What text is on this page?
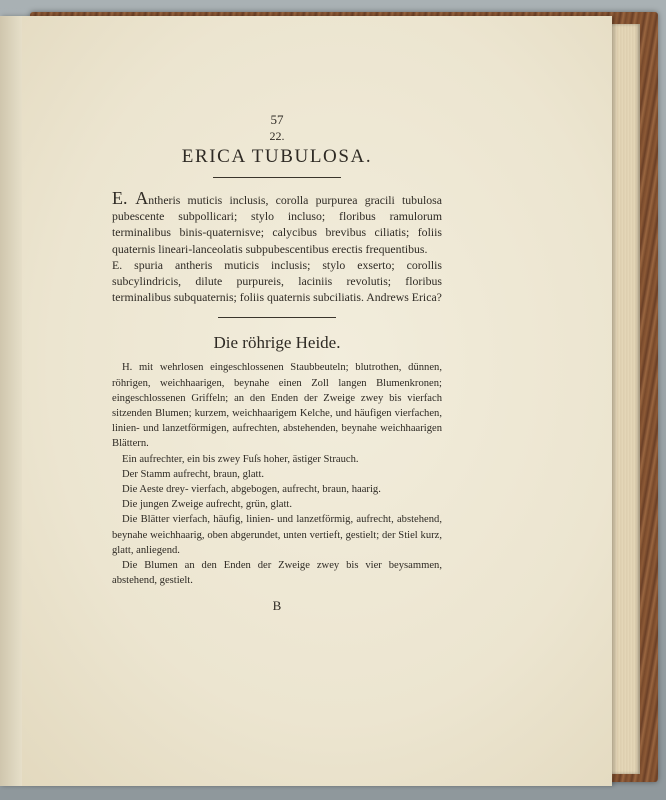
57

22.

ERICA TUBULOSA.

E. Antheris muticis inclusis, corolla purpurea gracili tubulosa pubescente subpollicari; stylo incluso; floribus ramulorum terminalibus binis-quaternisve; calycibus brevibus ciliatis; foliis quaternis lineari-lanceolatis subpubescentibus erectis frequentibus.

E. spuria antheris muticis inclusis; stylo exserto; corollis subcylindricis, dilute purpureis, laciniis revolutis; floribus terminalibus subquaternis; foliis quaternis subciliatis. Andrews Erica?

Die röhrige Heide.

H. mit wehrlosen eingeschlossenen Staubbeuteln; blutrothen, dünnen, röhrigen, weichhaarigen, beynahe einen Zoll langen Blumenkronen; eingeschlossenen Griffeln; an den Enden der Zweige zwey bis vierfach sitzenden Blumen; kurzem, weichhaarigem Kelche, und häufigen vierfachen, linien- und lanzetförmigen, aufrechten, abstehenden, beynahe weichhaarigen Blättern.

Ein aufrechter, ein bis zwey Fuſs hoher, ästiger Strauch.

Der Stamm aufrecht, braun, glatt.

Die Aeste drey- vierfach, abgebogen, aufrecht, braun, haarig.

Die jungen Zweige aufrecht, grün, glatt.

Die Blätter vierfach, häufig, linien- und lanzetförmig, aufrecht, abstehend, beynahe weichhaarig, oben abgerundet, unten vertieft, gestielt; der Stiel kurz, glatt, anliegend.

Die Blumen an den Enden der Zweige zwey bis vier beysammen, abstehend, gestielt.

B
